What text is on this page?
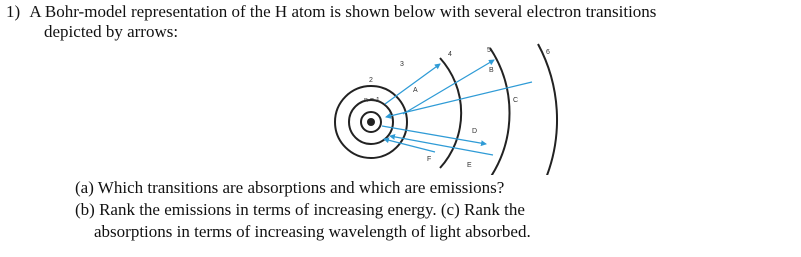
1) A Bohr-model representation of the H atom is shown below with several electron transitions
depicted by arrows:
n = 1
2
3
4
5	6
A
B
C
D
E
F
(a) Which transitions are absorptions and which are emissions?
(b) Rank the emissions in terms of increasing energy. (c) Rank the
absorptions in terms of increasing wavelength of light absorbed.
